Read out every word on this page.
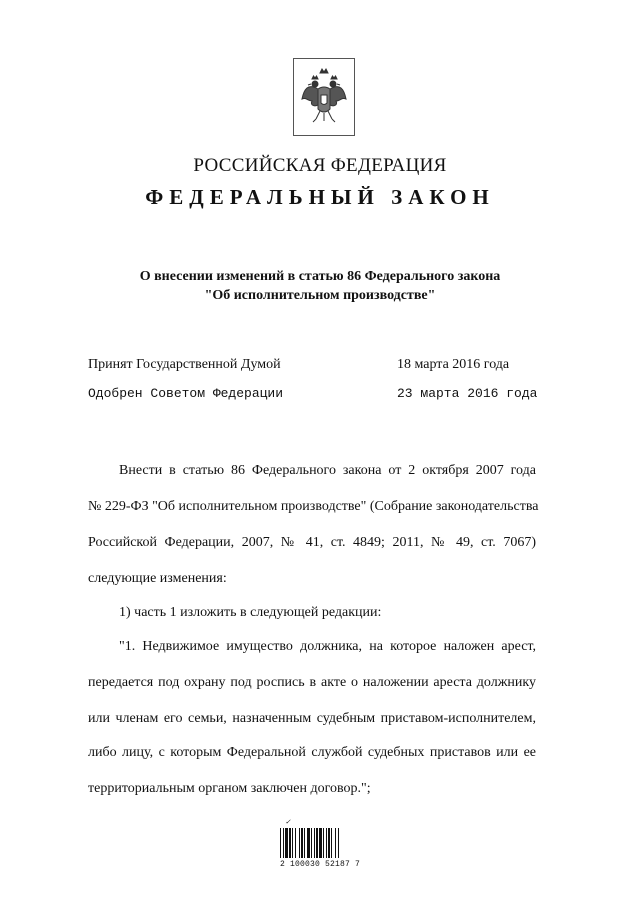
РОССИЙСКАЯ ФЕДЕРАЦИЯ
ФЕДЕРАЛЬНЫЙ ЗАКОН
О внесении изменений в статью 86 Федерального закона
"Об исполнительном производстве"
Принят Государственной Думой	18 марта 2016 года
Одобрен Советом Федерации	23 марта 2016 года
Внести в статью 86 Федерального закона от 2 октября 2007 года
№ 229-ФЗ "Об исполнительном производстве" (Собрание законодательства
Российской Федерации, 2007, № 41, ст. 4849; 2011, № 49, ст. 7067)
следующие изменения:
1) часть 1 изложить в следующей редакции:
"1. Недвижимое имущество должника, на которое наложен арест,
передается под охрану под роспись в акте о наложении ареста должнику
или членам его семьи, назначенным судебным приставом-исполнителем,
либо лицу, с которым Федеральной службой судебных приставов или ее
территориальным органом заключен договор.";
✓
2 100030 52187 7
